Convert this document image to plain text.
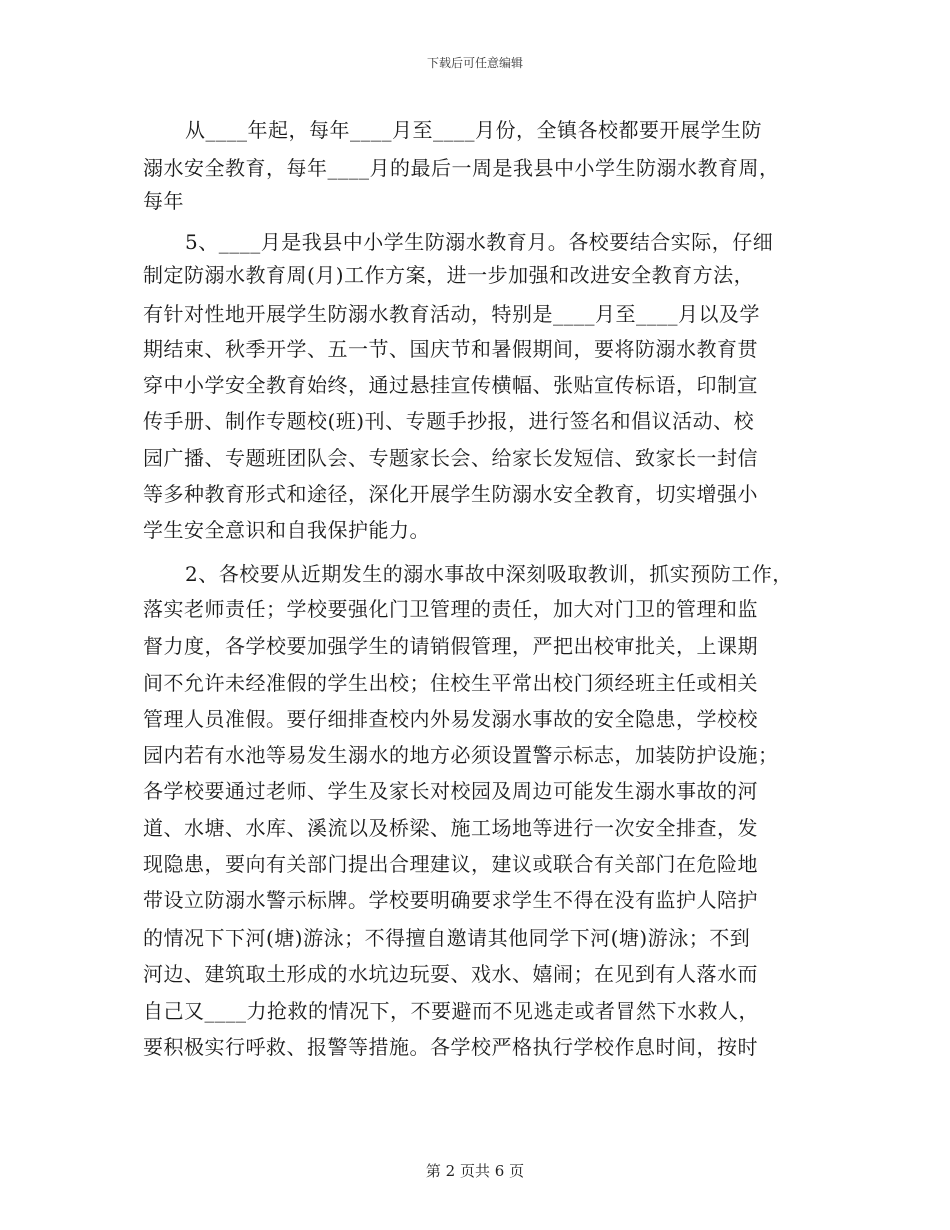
下载后可任意编辑
从____年起，每年____月至____月份，全镇各校都要开展学生防
溺水安全教育，每年____月的最后一周是我县中小学生防溺水教育周，
每年
5、____月是我县中小学生防溺水教育月。各校要结合实际，仔细
制定防溺水教育周(月)工作方案，进一步加强和改进安全教育方法，
有针对性地开展学生防溺水教育活动，特别是____月至____月以及学
期结束、秋季开学、五一节、国庆节和暑假期间，要将防溺水教育贯
穿中小学安全教育始终，通过悬挂宣传横幅、张贴宣传标语，印制宣
传手册、制作专题校(班)刊、专题手抄报，进行签名和倡议活动、校
园广播、专题班团队会、专题家长会、给家长发短信、致家长一封信
等多种教育形式和途径，深化开展学生防溺水安全教育，切实增强小
学生安全意识和自我保护能力。
2、各校要从近期发生的溺水事故中深刻吸取教训，抓实预防工作，
落实老师责任；学校要强化门卫管理的责任，加大对门卫的管理和监
督力度，各学校要加强学生的请销假管理，严把出校审批关，上课期
间不允许未经准假的学生出校；住校生平常出校门须经班主任或相关
管理人员准假。要仔细排查校内外易发溺水事故的安全隐患，学校校
园内若有水池等易发生溺水的地方必须设置警示标志，加装防护设施；
各学校要通过老师、学生及家长对校园及周边可能发生溺水事故的河
道、水塘、水库、溪流以及桥梁、施工场地等进行一次安全排查，发
现隐患，要向有关部门提出合理建议，建议或联合有关部门在危险地
带设立防溺水警示标牌。学校要明确要求学生不得在没有监护人陪护
的情况下下河(塘)游泳；不得擅自邀请其他同学下河(塘)游泳；不到
河边、建筑取土形成的水坑边玩耍、戏水、嬉闹；在见到有人落水而
自己又____力抢救的情况下，不要避而不见逃走或者冒然下水救人，
要积极实行呼救、报警等措施。各学校严格执行学校作息时间，按时
第 2 页共 6 页
